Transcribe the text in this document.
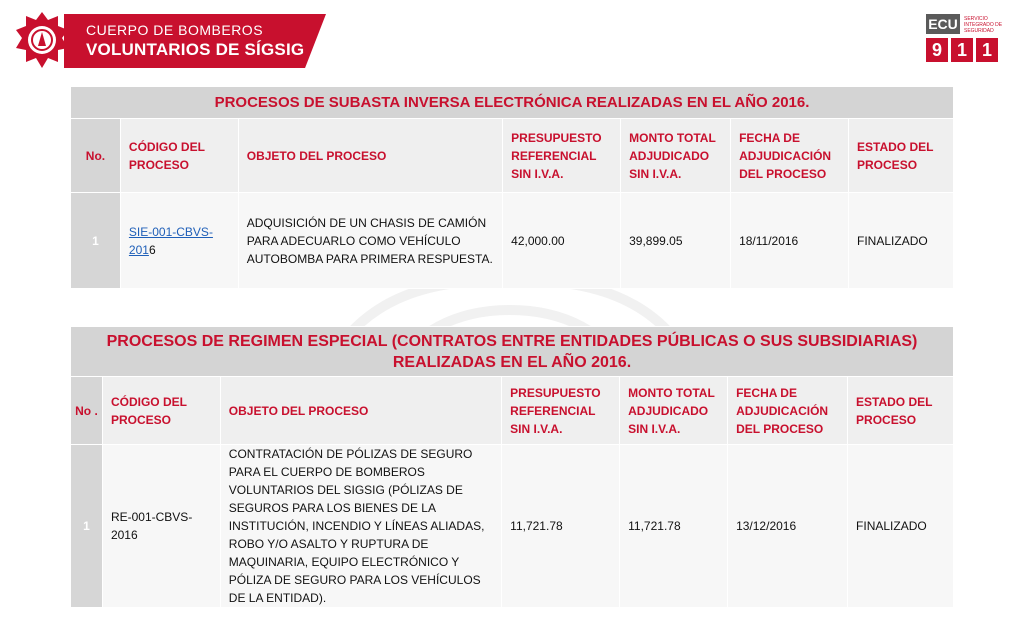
CUERPO DE BOMBEROS
VOLUNTARIOS DE SÍGSIG
ECU	SERVICIO INTEGRADO DE SEGURIDAD
9 1 1
PROCESOS DE SUBASTA INVERSA ELECTRÓNICA REALIZADAS EN EL AÑO 2016.						
No.	CÓDIGO DEL PROCESO	OBJETO DEL PROCESO	PRESUPUESTO REFERENCIAL SIN I.V.A.	MONTO TOTAL ADJUDICADO SIN I.V.A.	FECHA DE ADJUDICACIÓN DEL PROCESO	ESTADO DEL PROCESO
1	SIE-001-CBVS-2016	ADQUISICIÓN DE UN CHASIS DE CAMIÓN PARA ADECUARLO COMO VEHÍCULO AUTOBOMBA PARA PRIMERA RESPUESTA.	42,000.00	39,899.05	18/11/2016	FINALIZADO
PROCESOS DE REGIMEN ESPECIAL (CONTRATOS ENTRE ENTIDADES PÚBLICAS O SUS SUBSIDIARIAS) REALIZADAS EN EL AÑO 2016.						
No .	CÓDIGO DEL PROCESO	OBJETO DEL PROCESO	PRESUPUESTO REFERENCIAL SIN I.V.A.	MONTO TOTAL ADJUDICADO SIN I.V.A.	FECHA DE ADJUDICACIÓN DEL PROCESO	ESTADO DEL PROCESO
1	RE-001-CBVS-2016	CONTRATACIÓN DE PÓLIZAS DE SEGURO PARA EL CUERPO DE BOMBEROS VOLUNTARIOS DEL SIGSIG (PÓLIZAS DE SEGUROS PARA LOS BIENES DE LA INSTITUCIÓN, INCENDIO Y LÍNEAS ALIADAS, ROBO Y/O ASALTO Y RUPTURA DE MAQUINARIA, EQUIPO ELECTRÓNICO Y PÓLIZA DE SEGURO PARA LOS VEHÍCULOS DE LA ENTIDAD).	11,721.78	11,721.78	13/12/2016	FINALIZADO
